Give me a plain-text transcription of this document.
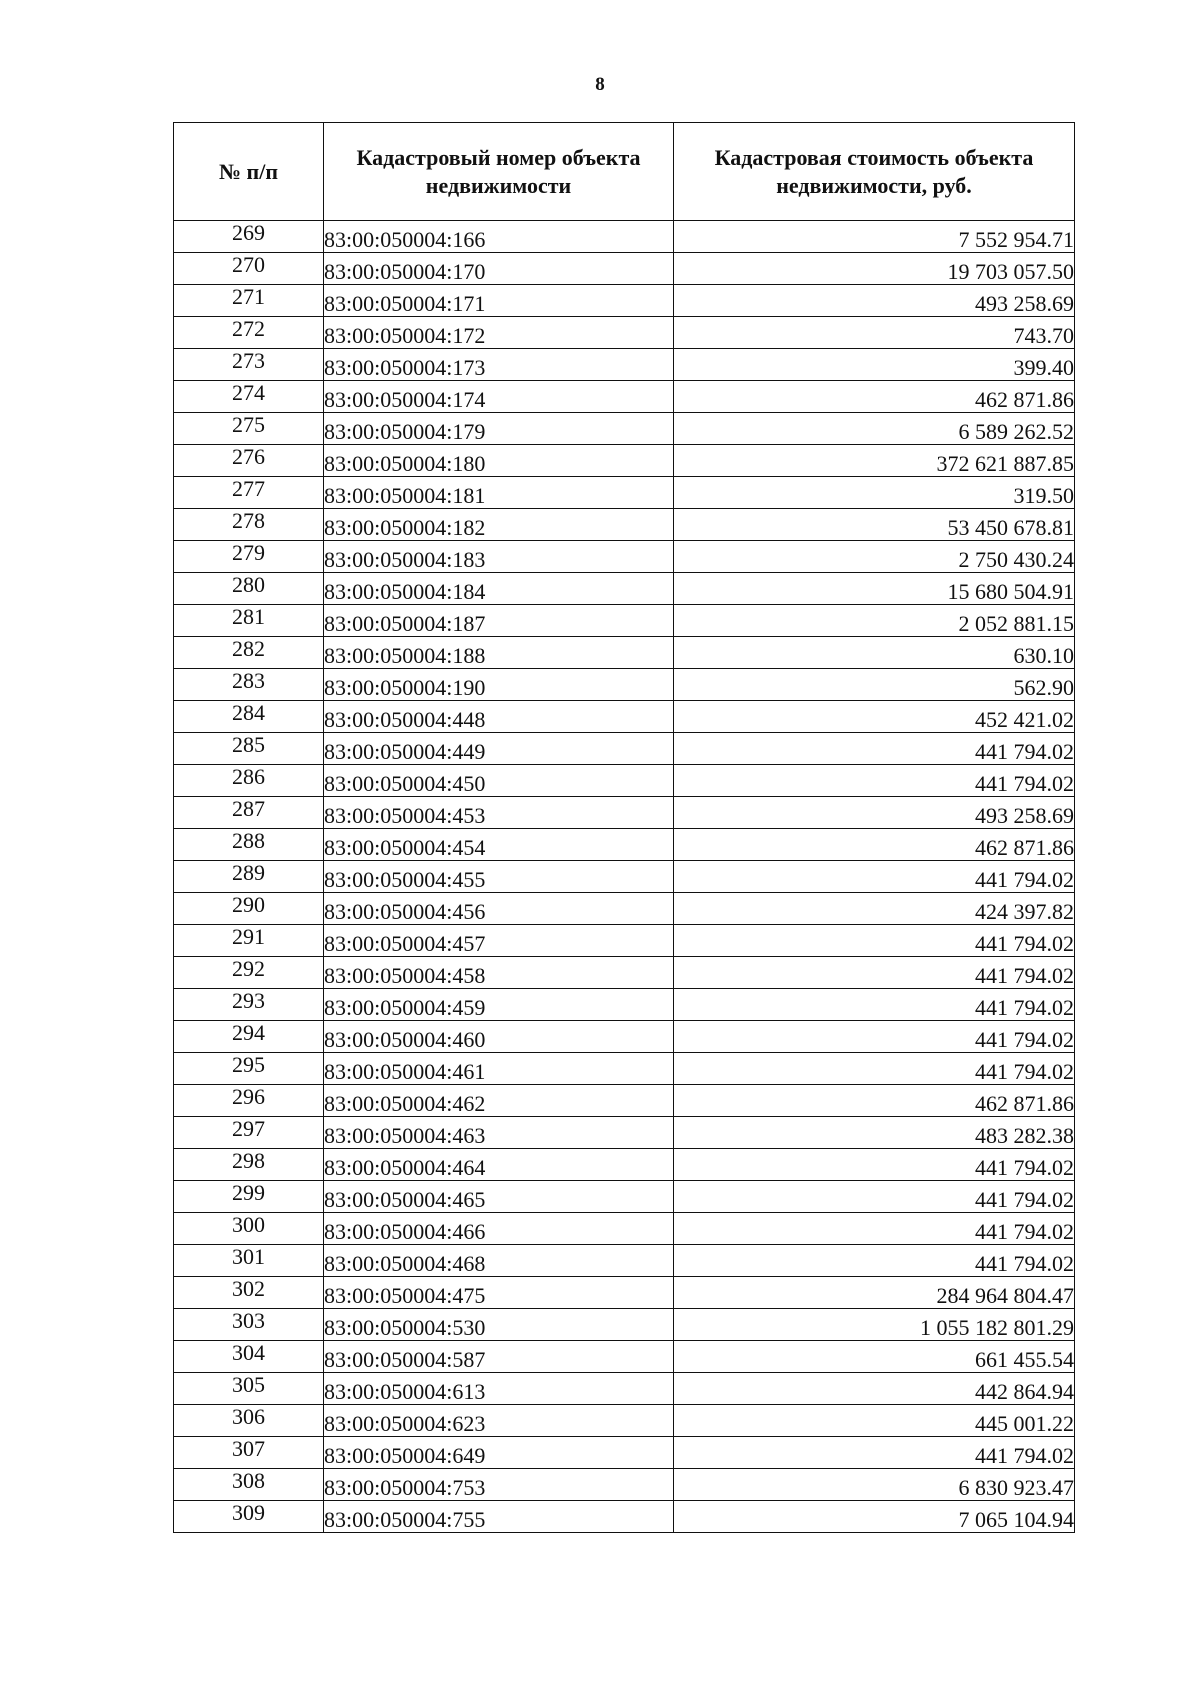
8
№ п/п	Кадастровый номер объекта недвижимости	Кадастровая стоимость объекта недвижимости, руб.
269	83:00:050004:166	7 552 954.71
270	83:00:050004:170	19 703 057.50
271	83:00:050004:171	493 258.69
272	83:00:050004:172	743.70
273	83:00:050004:173	399.40
274	83:00:050004:174	462 871.86
275	83:00:050004:179	6 589 262.52
276	83:00:050004:180	372 621 887.85
277	83:00:050004:181	319.50
278	83:00:050004:182	53 450 678.81
279	83:00:050004:183	2 750 430.24
280	83:00:050004:184	15 680 504.91
281	83:00:050004:187	2 052 881.15
282	83:00:050004:188	630.10
283	83:00:050004:190	562.90
284	83:00:050004:448	452 421.02
285	83:00:050004:449	441 794.02
286	83:00:050004:450	441 794.02
287	83:00:050004:453	493 258.69
288	83:00:050004:454	462 871.86
289	83:00:050004:455	441 794.02
290	83:00:050004:456	424 397.82
291	83:00:050004:457	441 794.02
292	83:00:050004:458	441 794.02
293	83:00:050004:459	441 794.02
294	83:00:050004:460	441 794.02
295	83:00:050004:461	441 794.02
296	83:00:050004:462	462 871.86
297	83:00:050004:463	483 282.38
298	83:00:050004:464	441 794.02
299	83:00:050004:465	441 794.02
300	83:00:050004:466	441 794.02
301	83:00:050004:468	441 794.02
302	83:00:050004:475	284 964 804.47
303	83:00:050004:530	1 055 182 801.29
304	83:00:050004:587	661 455.54
305	83:00:050004:613	442 864.94
306	83:00:050004:623	445 001.22
307	83:00:050004:649	441 794.02
308	83:00:050004:753	6 830 923.47
309	83:00:050004:755	7 065 104.94
